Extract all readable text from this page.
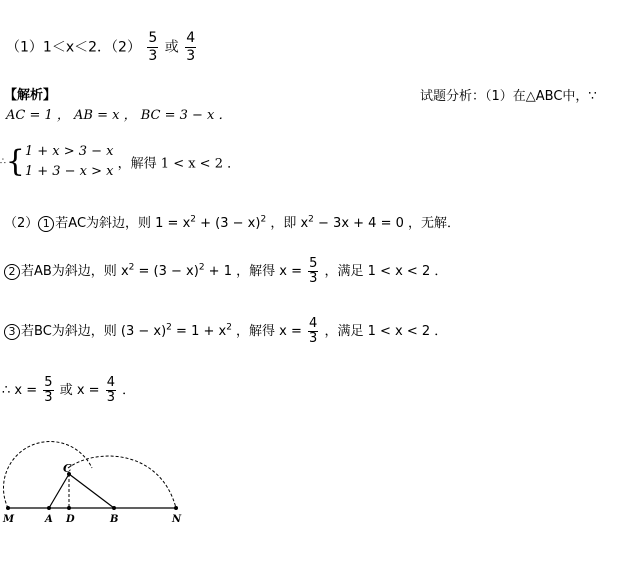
（1）1＜x＜2．$(2) \frac{5}{3}$ 或 $\frac{4}{3}$
【解析】	试题分析：（1）在△ABC中，∵
AC = 1 ， AB = x ， BC = 3 − x ．
∴{ 1 + x > 3 − x
1 + 3 − x > x ，解得 1 < x < 2 ．
（2） 1 若AC为斜边，则 $1 = x^2 + (3 - x)^2$ ，即 $x^2 - 3x + 4 = 0$ ，无解．
2 若AB为斜边，则 $x^2 = (3 - x)^2 + 1$ ，解得 $x = \frac{5}{3}$ ，满足 1 < x < 2 ．
3 若BC为斜边，则 $(3 - x)^2 = 1 + x^2$ ，解得 $x = \frac{4}{3}$ ，满足 1 < x < 2 ．
∴ $x = \frac{5}{3}$ 或 $x = \frac{4}{3}$ ．
M	A D	B	N
C
